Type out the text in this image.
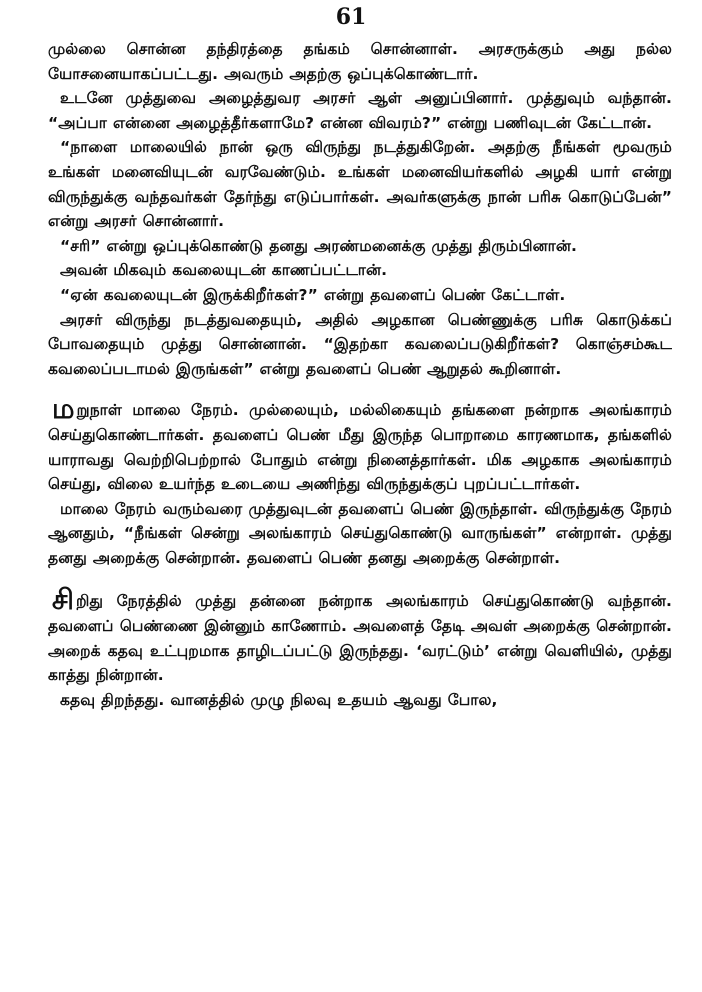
61

முல்லை சொன்ன தந்திரத்தை தங்கம் சொன்னாள். அரசருக்கும் அது நல்ல யோசனையாகப்பட்டது. அவரும் அதற்கு ஒப்புக்கொண்டார்.

உடனே முத்துவை அழைத்துவர அரசர் ஆள் அனுப்பினார். முத்துவும் வந்தான். “அப்பா என்னை அழைத்தீர்களாமே? என்ன விவரம்?” என்று பணிவுடன் கேட்டான்.

“நாளை மாலையில் நான் ஒரு விருந்து நடத்துகிறேன். அதற்கு நீங்கள் மூவரும் உங்கள் மனைவியுடன் வரவேண்டும். உங்கள் மனைவியர்களில் அழகி யார் என்று விருந்துக்கு வந்தவர்கள் தேர்ந்து எடுப்பார்கள். அவர்களுக்கு நான் பரிசு கொடுப்பேன்” என்று அரசர் சொன்னார்.

“சரி” என்று ஒப்புக்கொண்டு தனது அரண்மனைக்கு முத்து திரும்பினான்.

அவன் மிகவும் கவலையுடன் காணப்பட்டான்.

“ஏன் கவலையுடன் இருக்கிறீர்கள்?” என்று தவளைப் பெண் கேட்டாள்.

அரசர் விருந்து நடத்துவதையும், அதில் அழகான பெண்ணுக்கு பரிசு கொடுக்கப் போவதையும் முத்து சொன்னான். “இதற்கா கவலைப்படுகிறீர்கள்? கொஞ்சம்கூட கவலைப்படாமல் இருங்கள்” என்று தவளைப் பெண் ஆறுதல் கூறினாள்.

மறுநாள் மாலை நேரம். முல்லையும், மல்லிகையும் தங்களை நன்றாக அலங்காரம் செய்துகொண்டார்கள். தவளைப் பெண் மீது இருந்த பொறாமை காரணமாக, தங்களில் யாராவது வெற்றிபெற்றால் போதும் என்று நினைத்தார்கள். மிக அழகாக அலங்காரம் செய்து, விலை உயர்ந்த உடையை அணிந்து விருந்துக்குப் புறப்பட்டார்கள்.

மாலை நேரம் வரும்வரை முத்துவுடன் தவளைப் பெண் இருந்தாள். விருந்துக்கு நேரம் ஆனதும், “நீங்கள் சென்று அலங்காரம் செய்துகொண்டு வாருங்கள்” என்றாள். முத்து தனது அறைக்கு சென்றான். தவளைப் பெண் தனது அறைக்கு சென்றாள்.

சிறிது நேரத்தில் முத்து தன்னை நன்றாக அலங்காரம் செய்துகொண்டு வந்தான். தவளைப் பெண்ணை இன்னும் காணோம். அவளைத் தேடி அவள் அறைக்கு சென்றான். அறைக் கதவு உட்புறமாக தாழிடப்பட்டு இருந்தது. ‘வரட்டும்’ என்று வெளியில், முத்து காத்து நின்றான்.

கதவு திறந்தது. வானத்தில் முழு நிலவு உதயம் ஆவது போல,
